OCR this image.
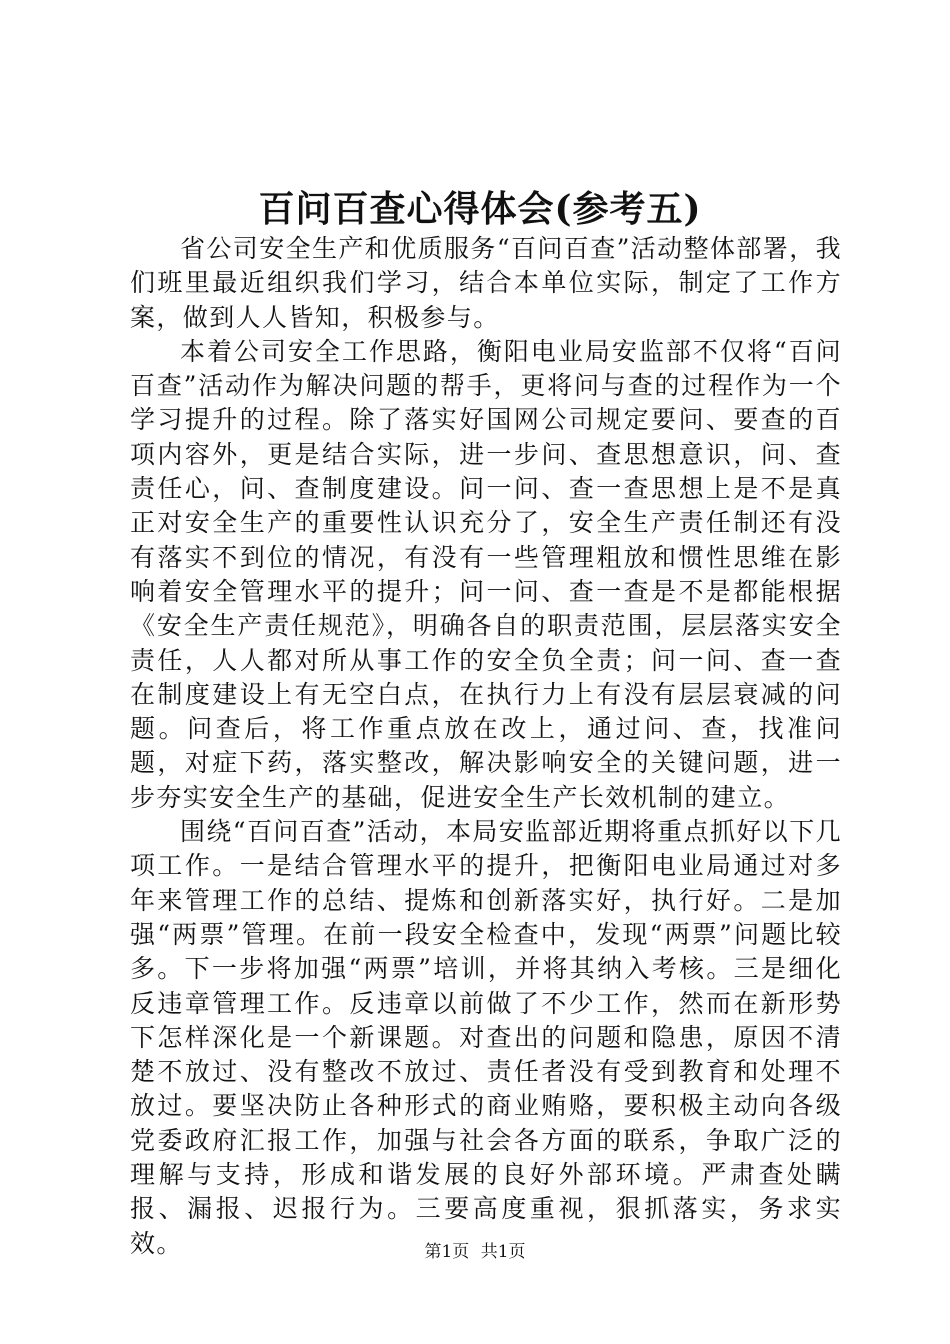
百问百查心得体会(参考五)

省公司安全生产和优质服务“百问百查”活动整体部署，我们班里最近组织我们学习，结合本单位实际，制定了工作方案，做到人人皆知，积极参与。

本着公司安全工作思路，衡阳电业局安监部不仅将“百问百查”活动作为解决问题的帮手，更将问与查的过程作为一个学习提升的过程。除了落实好国网公司规定要问、要查的百项内容外，更是结合实际，进一步问、查思想意识，问、查责任心，问、查制度建设。问一问、查一查思想上是不是真正对安全生产的重要性认识充分了，安全生产责任制还有没有落实不到位的情况，有没有一些管理粗放和惯性思维在影响着安全管理水平的提升；问一问、查一查是不是都能根据《安全生产责任规范》，明确各自的职责范围，层层落实安全责任，人人都对所从事工作的安全负全责；问一问、查一查在制度建设上有无空白点，在执行力上有没有层层衰减的问题。问查后，将工作重点放在改上，通过问、查，找准问题，对症下药，落实整改，解决影响安全的关键问题，进一步夯实安全生产的基础，促进安全生产长效机制的建立。

围绕“百问百查”活动，本局安监部近期将重点抓好以下几项工作。一是结合管理水平的提升，把衡阳电业局通过对多年来管理工作的总结、提炼和创新落实好，执行好。二是加强“两票”管理。在前一段安全检查中，发现“两票”问题比较多。下一步将加强“两票”培训，并将其纳入考核。三是细化反违章管理工作。反违章以前做了不少工作，然而在新形势下怎样深化是一个新课题。对查出的问题和隐患，原因不清楚不放过、没有整改不放过、责任者没有受到教育和处理不放过。要坚决防止各种形式的商业贿赂，要积极主动向各级党委政府汇报工作，加强与社会各方面的联系，争取广泛的理解与支持，形成和谐发展的良好外部环境。严肃查处瞒报、漏报、迟报行为。三要高度重视，狠抓落实，务求实效。	第1页 共1页
